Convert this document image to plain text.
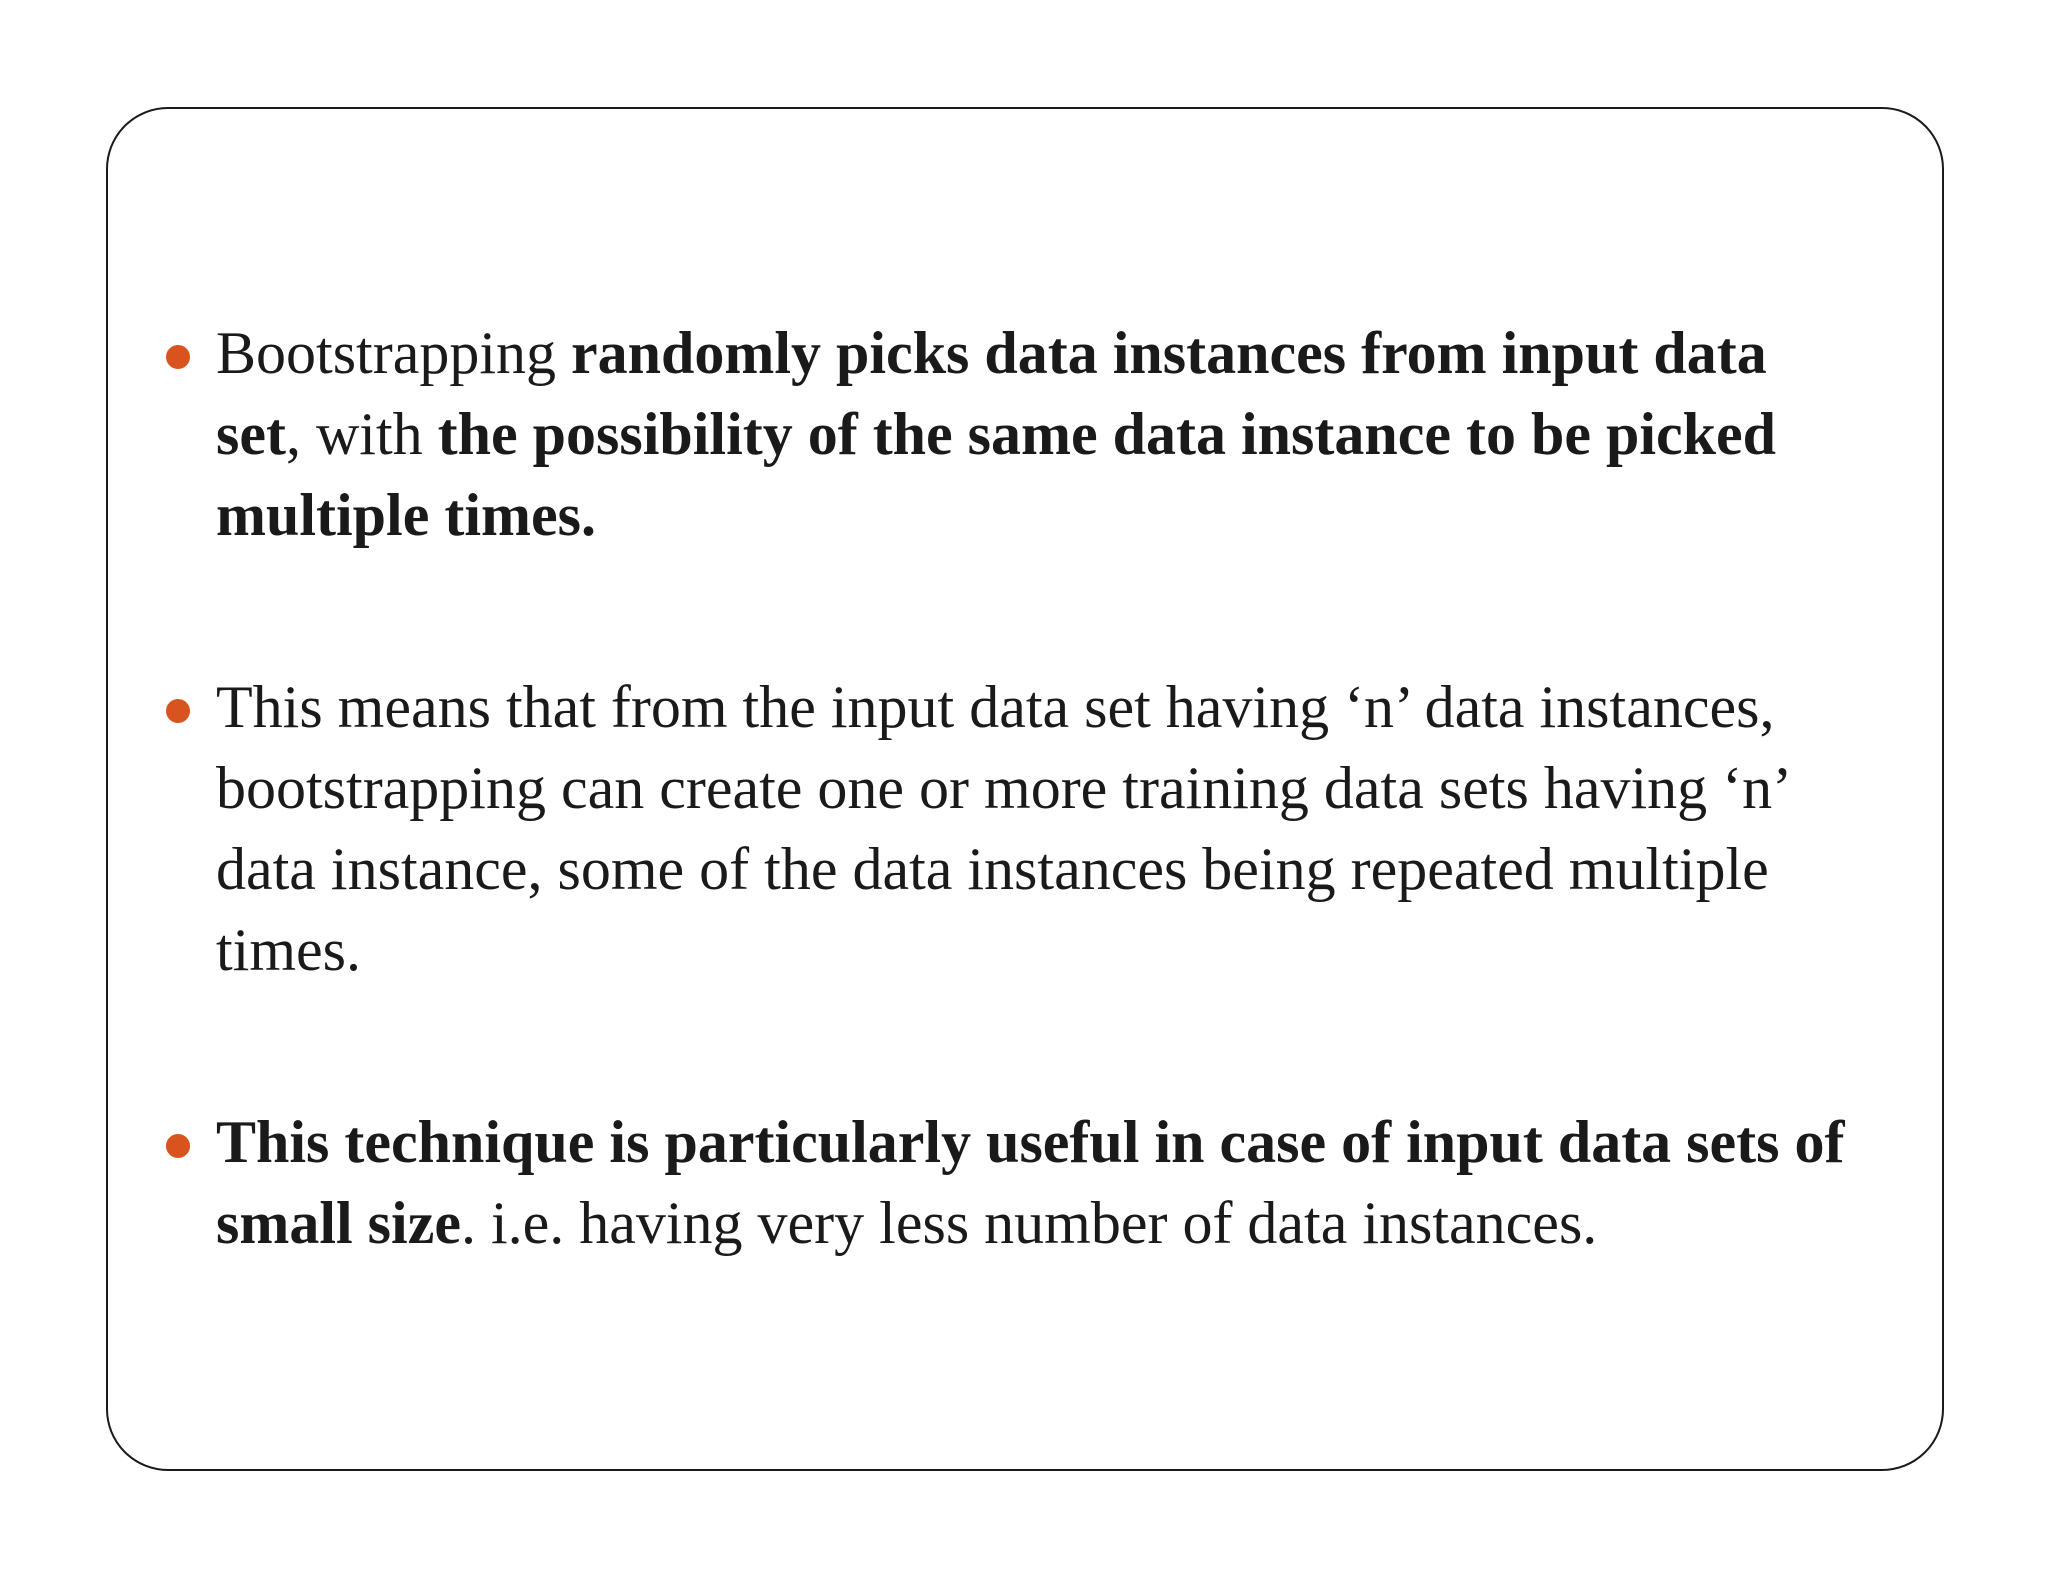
Bootstrapping randomly picks data instances from input data set, with the possibility of the same data instance to be picked multiple times.

This means that from the input data set having ‘n’ data instances, bootstrapping can create one or more training data sets having ‘n’ data instance, some of the data instances being repeated multiple times.

This technique is particularly useful in case of input data sets of small size. i.e. having very less number of data instances.
